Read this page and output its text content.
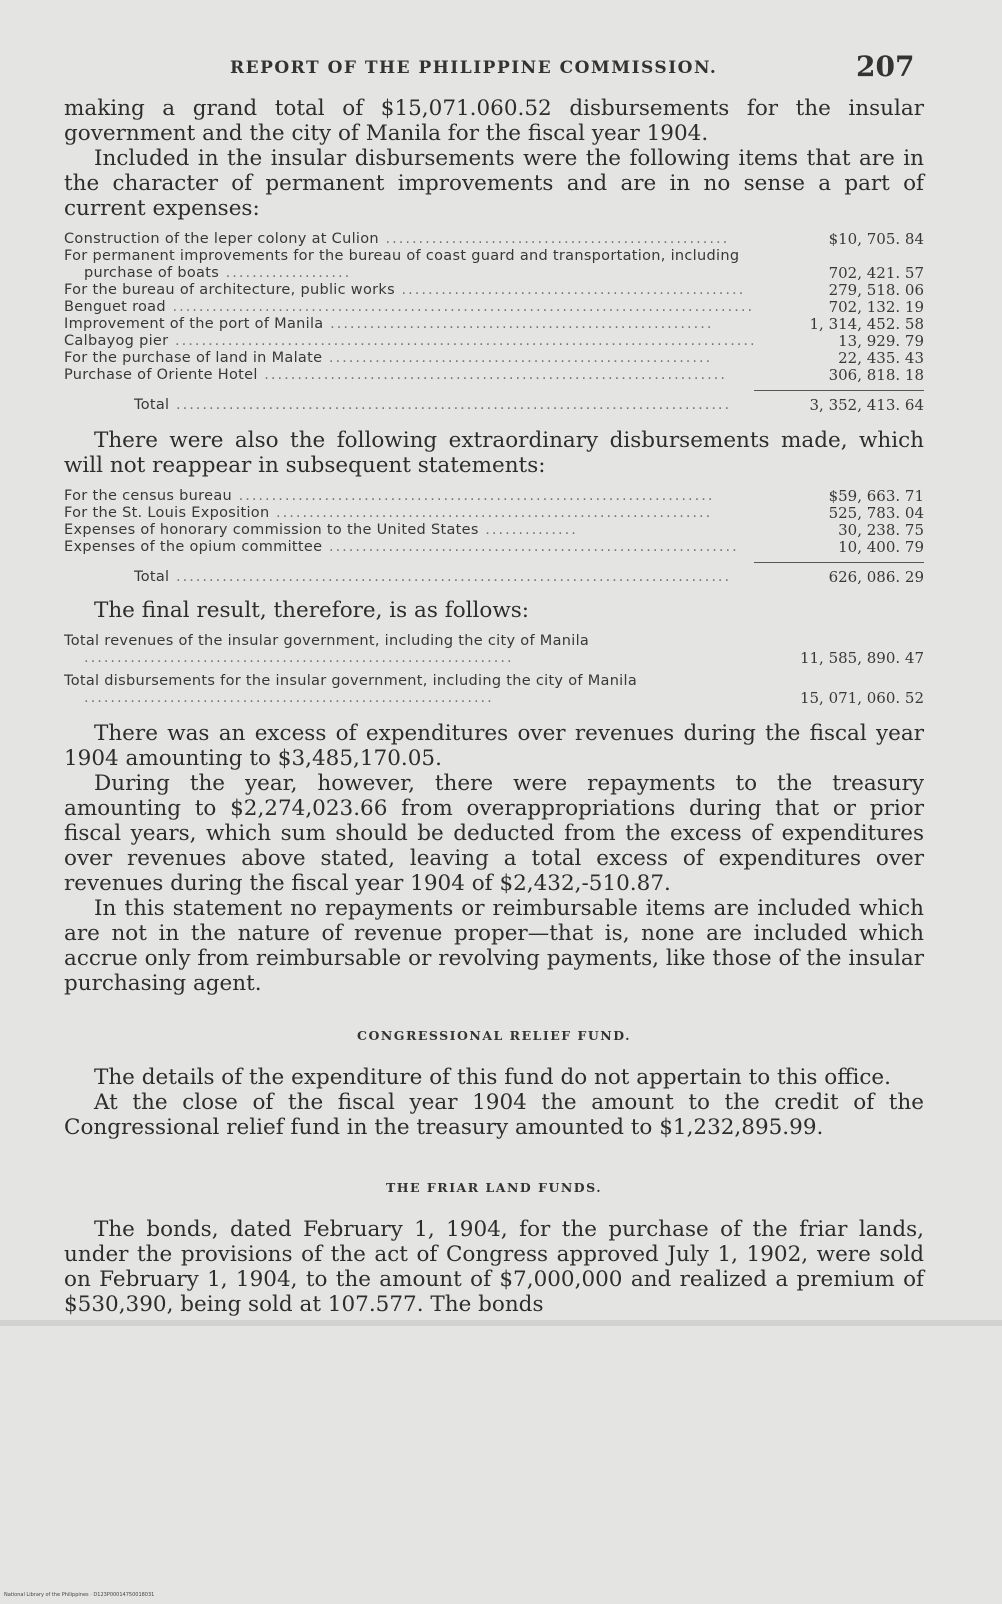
REPORT OF THE PHILIPPINE COMMISSION.	207

making a grand total of $15,071.060.52 disbursements for the insular government and the city of Manila for the fiscal year 1904.

Included in the insular disbursements were the following items that are in the character of permanent improvements and are in no sense a part of current expenses:

Construction of the leper colony at Culion ....................................................	$10, 705. 84
For permanent improvements for the bureau of coast guard and transportation, including purchase of boats ...................	702, 421. 57
For the bureau of architecture, public works ....................................................	279, 518. 06
Benguet road ........................................................................................	702, 132. 19
Improvement of the port of Manila ..........................................................	1, 314, 452. 58
Calbayog pier ........................................................................................	13, 929. 79
For the purchase of land in Malate ..........................................................	22, 435. 43
Purchase of Oriente Hotel ......................................................................	306, 818. 18
Total ....................................................................................	3, 352, 413. 64

There were also the following extraordinary disbursements made, which will not reappear in subsequent statements:

For the census bureau ........................................................................	$59, 663. 71
For the St. Louis Exposition ..................................................................	525, 783. 04
Expenses of honorary commission to the United States ..............	30, 238. 75
Expenses of the opium committee ..............................................................	10, 400. 79
Total ....................................................................................	626, 086. 29

The final result, therefore, is as follows:

Total revenues of the insular government, including the city of Manila .................................................................	11, 585, 890. 47
Total disbursements for the insular government, including the city of Manila ..............................................................	15, 071, 060. 52

There was an excess of expenditures over revenues during the fiscal year 1904 amounting to $3,485,170.05.

During the year, however, there were repayments to the treasury amounting to $2,274,023.66 from overappropriations during that or prior fiscal years, which sum should be deducted from the excess of expenditures over revenues above stated, leaving a total excess of expenditures over revenues during the fiscal year 1904 of $2,432,-510.87.

In this statement no repayments or reimbursable items are included which are not in the nature of revenue proper—that is, none are included which accrue only from reimbursable or revolving payments, like those of the insular purchasing agent.

CONGRESSIONAL RELIEF FUND.

The details of the expenditure of this fund do not appertain to this office.

At the close of the fiscal year 1904 the amount to the credit of the Congressional relief fund in the treasury amounted to $1,232,895.99.

THE FRIAR LAND FUNDS.

The bonds, dated February 1, 1904, for the purchase of the friar lands, under the provisions of the act of Congress approved July 1, 1902, were sold on February 1, 1904, to the amount of $7,000,000 and realized a premium of $530,390, being sold at 107.577. The bonds

National Library of the Philippines · D123P00014750018031
